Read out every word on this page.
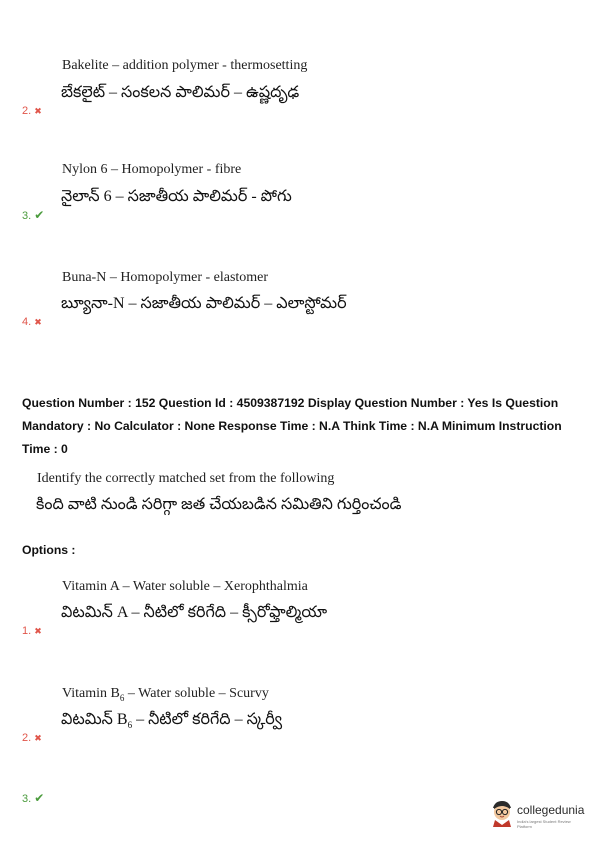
Bakelite – addition polymer - thermosetting
బేకలైట్ – సంకలన పాలిమర్ – ఉష్ణదృఢ
2. ✖
Nylon 6 – Homopolymer - fibre
నైలాన్ 6 – సజాతీయ పాలిమర్ - పోగు
3. ✔
Buna-N – Homopolymer - elastomer
బ్యూనా-N – సజాతీయ పాలిమర్ – ఎలాస్టోమర్
4. ✖
Question Number : 152 Question Id : 4509387192 Display Question Number : Yes Is Question
Mandatory : No Calculator : None Response Time : N.A Think Time : N.A Minimum Instruction
Time : 0
Identify the correctly matched set from the following
కింది వాటి నుండి సరిగ్గా జత చేయబడిన సమితిని గుర్తించండి
Options :
Vitamin A – Water soluble – Xerophthalmia
విటమిన్ A – నీటిలో కరిగేది – క్సీరోఫ్తాల్మియా
1. ✖
Vitamin $B_6$ – Water soluble – Scurvy
విటమిన్ $B_6$ – నీటిలో కరిగేది – స్కర్వీ
2. ✖
3. ✔
collegedunia
India's largest Student Review Platform
